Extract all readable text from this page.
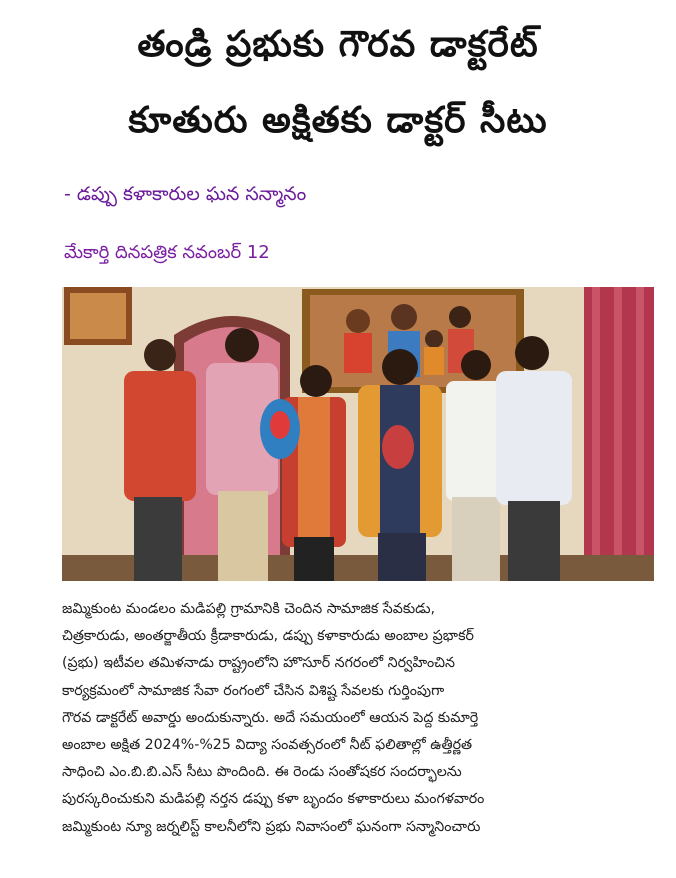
తండ్రి ప్రభుకు గౌరవ డాక్టరేట్
కూతురు అక్షితకు డాక్టర్ సీటు
- డప్పు కళాకారుల ఘన సన్మానం
మేకార్తి దినపత్రిక నవంబర్ 12
జమ్మికుంట మండలం మడిపల్లి గ్రామానికి చెందిన సామాజిక సేవకుడు,
చిత్రకారుడు, అంతర్జాతీయ క్రీడాకారుడు, డప్పు కళాకారుడు అంబాల ప్రభాకర్
(ప్రభు) ఇటీవల తమిళనాడు రాష్ట్రంలోని హొసూర్ నగరంలో నిర్వహించిన
కార్యక్రమంలో సామాజిక సేవా రంగంలో చేసిన విశిష్ట సేవలకు గుర్తింపుగా
గౌరవ డాక్టరేట్ అవార్డు అందుకున్నారు. అదే సమయంలో ఆయన పెద్ద కుమార్తె
అంబాల అక్షిత 2024%-%25 విద్యా సంవత్సరంలో నీట్ ఫలితాల్లో ఉత్తీర్ణత
సాధించి ఎం.బి.బి.ఎస్ సీటు పొందింది. ఈ రెండు సంతోషకర సందర్భాలను
పురస్కరించుకుని మడిపల్లి నర్తన డప్పు కళా బృందం కళాకారులు మంగళవారం
జమ్మికుంట న్యూ జర్నలిస్ట్ కాలనీలోని ప్రభు నివాసంలో ఘనంగా సన్మానించారు
